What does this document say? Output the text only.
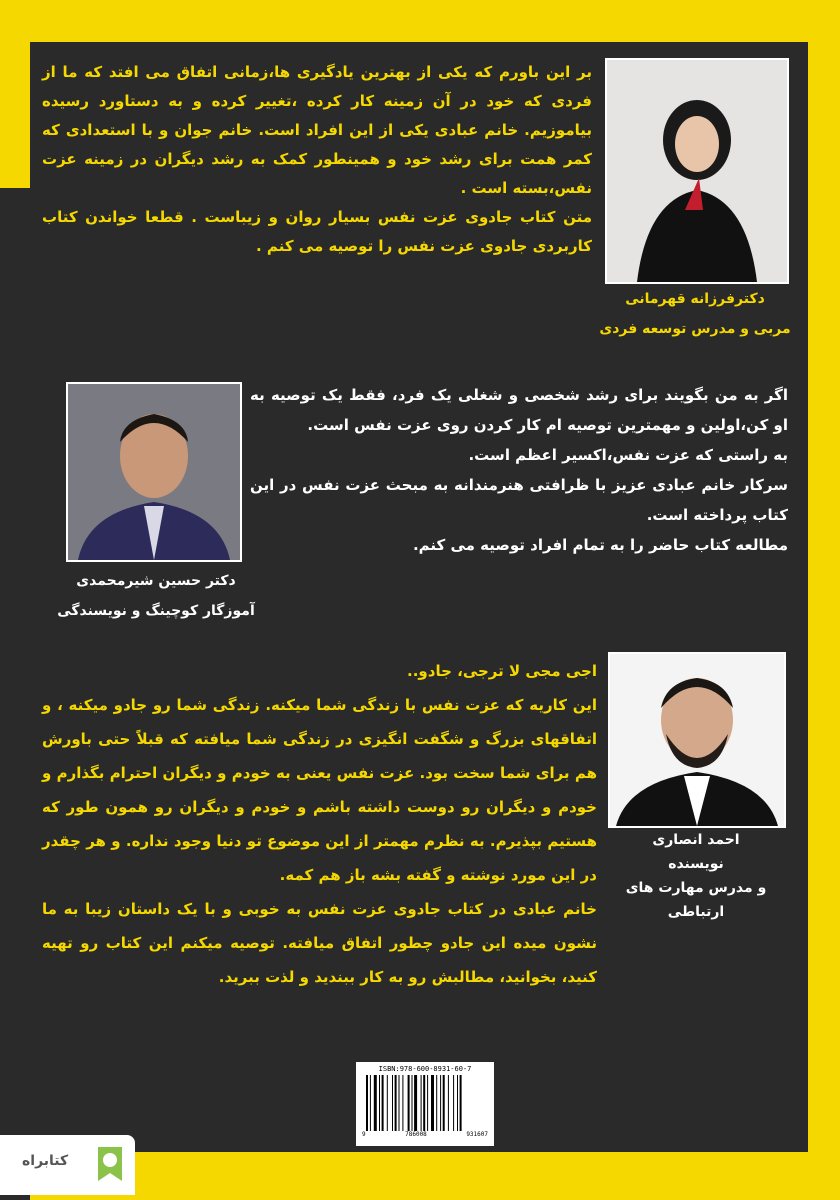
بر این باورم که یکی از بهترین یادگیری ها،زمانی اتفاق می افتد که ما از فردی که خود در آن زمینه کار کرده ،تغییر کرده و به دستاورد رسیده بیاموزیم. خانم عبادی یکی از این افراد است. خانم جوان و با استعدادی که کمر همت برای رشد خود و همینطور کمک به رشد دیگران در زمینه عزت نفس،بسته است .

متن کتاب جادوی عزت نفس بسیار روان و زیباست . قطعا خواندن کتاب کاربردی جادوی عزت نفس را توصیه می کنم .

دکترفرزانه قهرمانی
مربی و مدرس توسعه فردی

اگر به من بگویند برای رشد شخصی و شغلی یک فرد، فقط یک توصیه به او کن،اولین و مهمترین توصیه ام کار کردن روی عزت نفس است.

به راستی که عزت نفس،اکسیر اعظم است.

سرکار خانم عبادی عزیز با ظرافتی هنرمندانه به مبحث عزت نفس در این کتاب پرداخته است.

مطالعه کتاب حاضر را به تمام افراد توصیه می کنم.

دکتر حسین شیرمحمدی
آموزگار کوچینگ و نویسندگی

اجی مجی لا ترجی، جادو..

این کاریه که عزت نفس با زندگی شما میکنه. زندگی شما رو جادو میکنه ، و اتفاقهای بزرگ و شگفت انگیزی در زندگی شما میافته که قبلاً حتی باورش هم برای شما سخت بود. عزت نفس یعنی به خودم و دیگران احترام بگذارم و خودم و دیگران رو دوست داشته باشم و خودم و دیگران رو همون طور که هستیم بپذیرم. به نظرم مهمتر از این موضوع تو دنیا وجود نداره. و هر چقدر در این مورد نوشته و گفته بشه باز هم کمه.

خانم عبادی در کتاب جادوی عزت نفس به خوبی و با یک داستان زیبا به ما نشون میده این جادو چطور اتفاق میافته. توصیه میکنم این کتاب رو تهیه کنید، بخوانید، مطالبش رو به کار ببندید و لذت ببرید.

احمد انصاری
نویسنده
و مدرس مهارت های ارتباطی
ISBN:978-600-8931-60-7
9	786008	931607
کتابراه
